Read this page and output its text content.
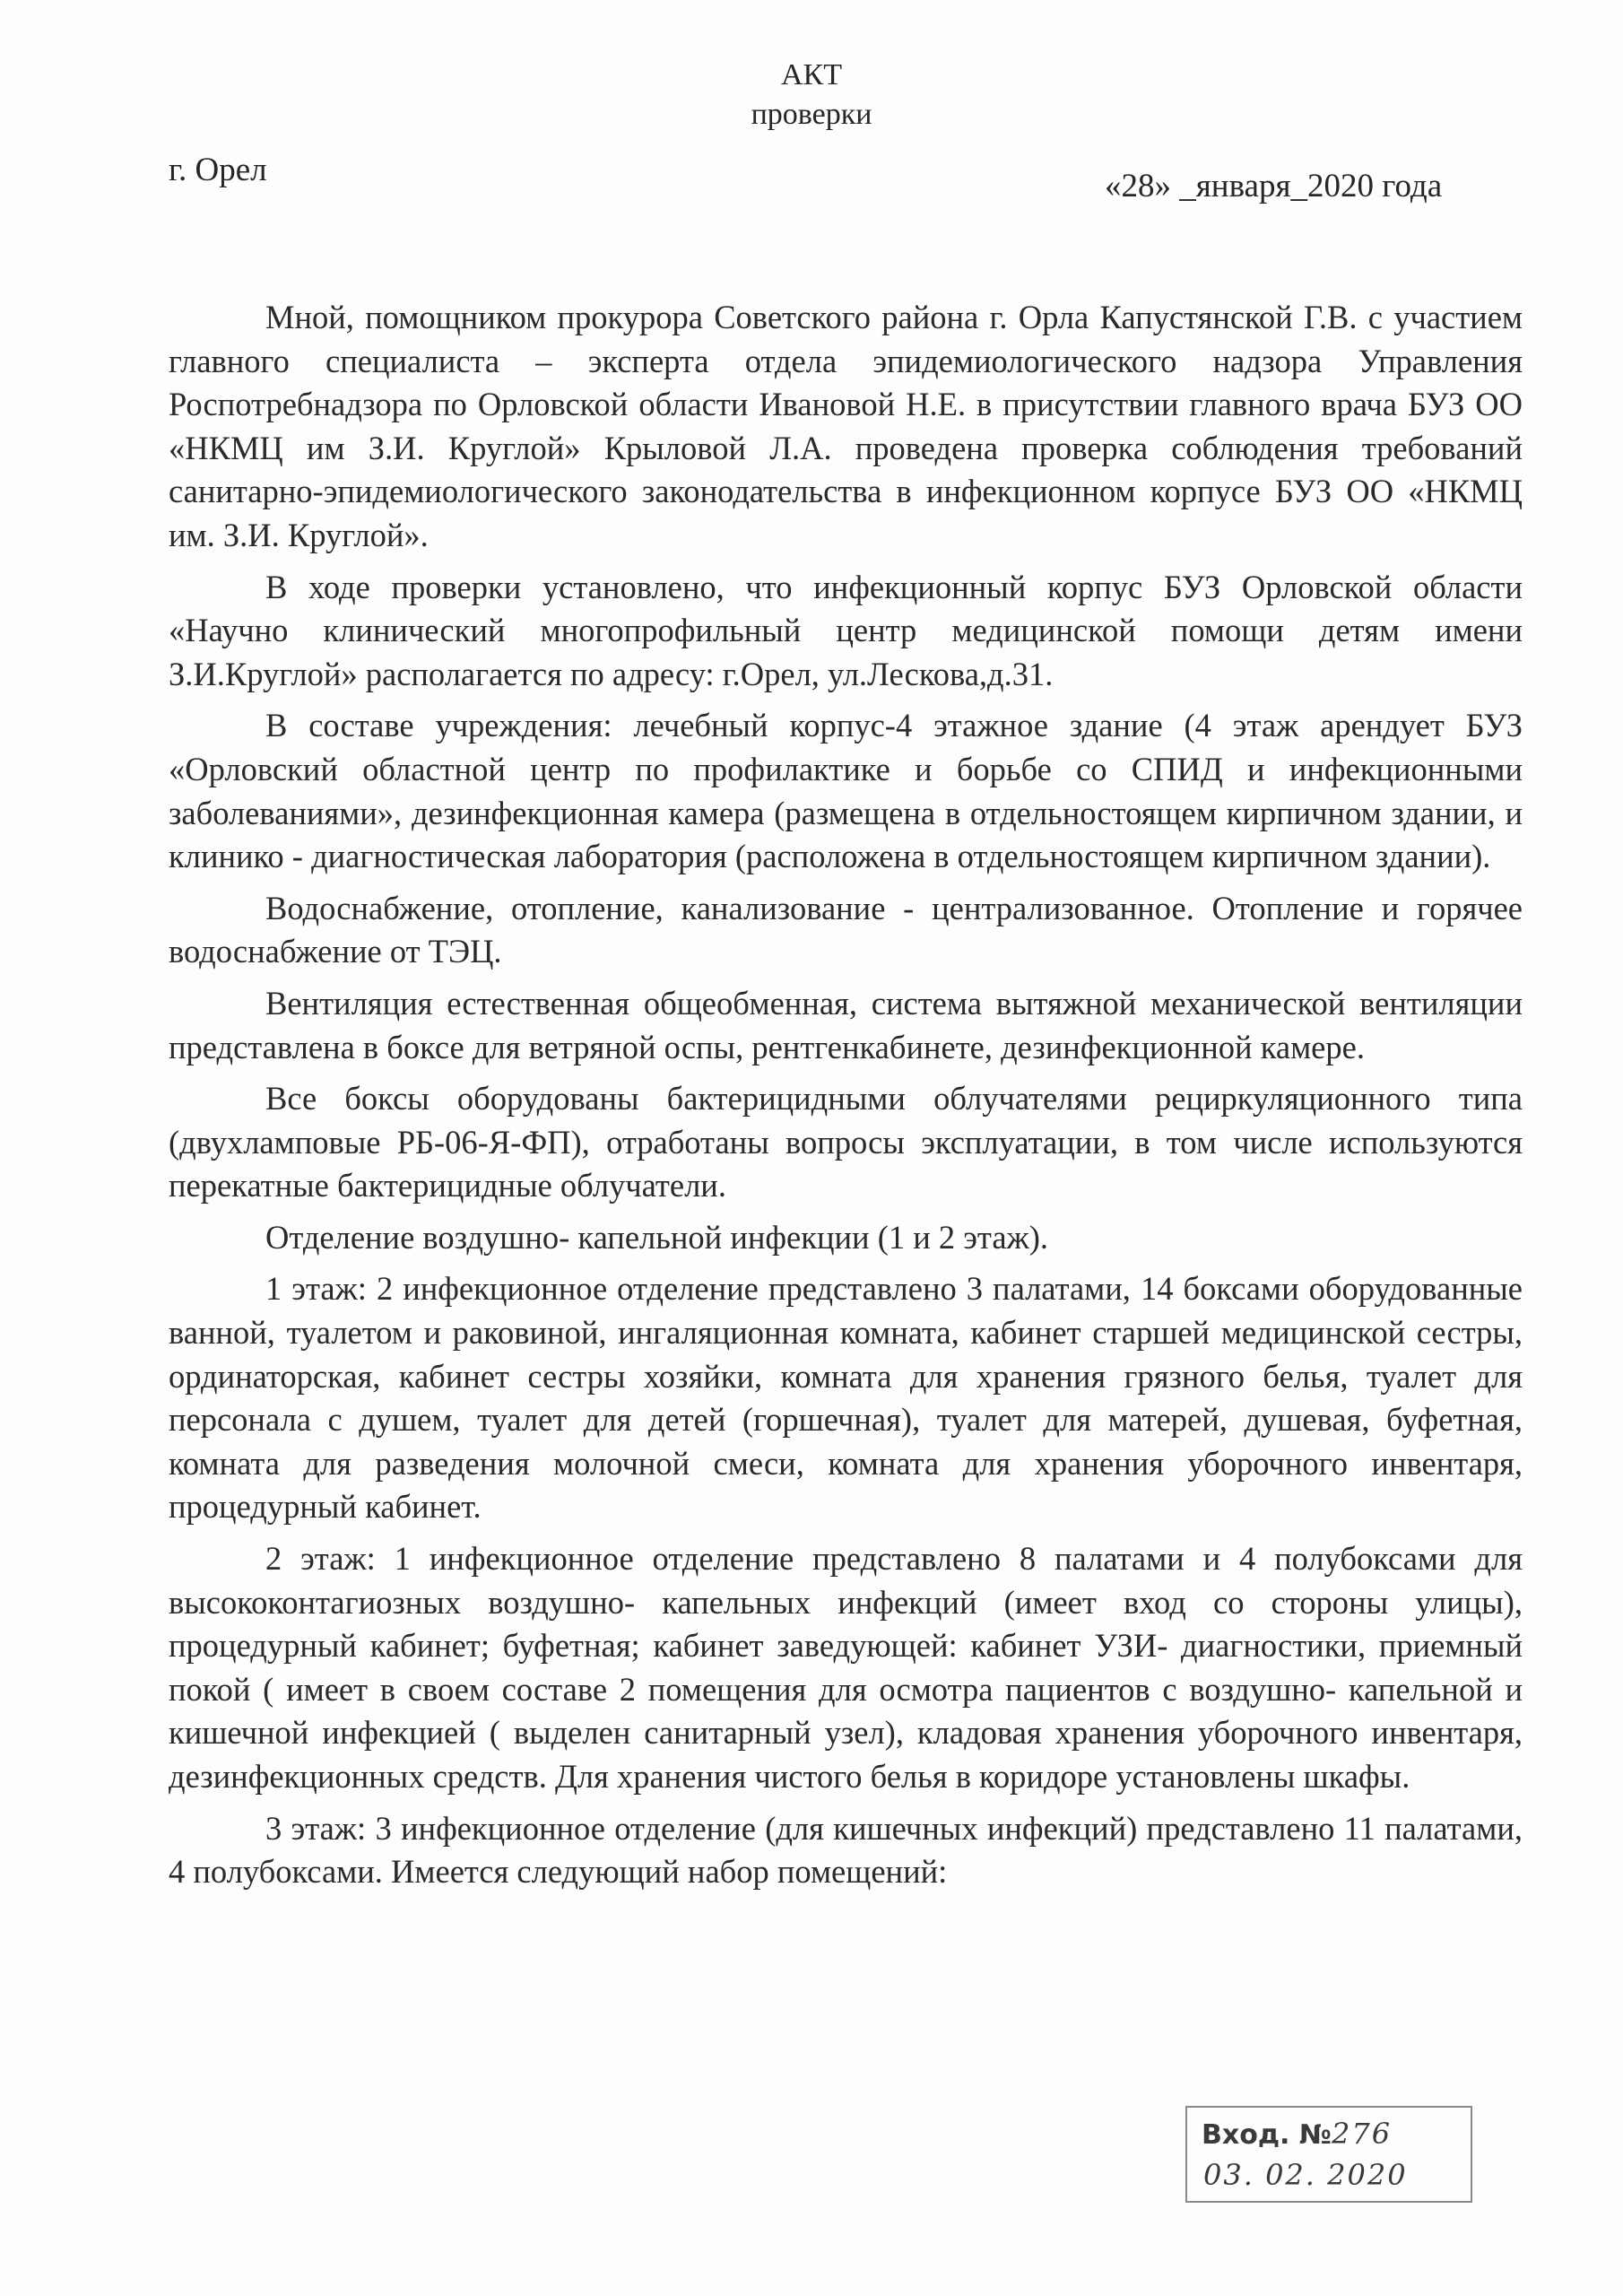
АКТ
проверки
г. Орел	«28» _января_2020 года

Мной, помощником прокурора Советского района г. Орла Капустянской Г.В. с участием главного специалиста – эксперта отдела эпидемиологического надзора Управления Роспотребнадзора по Орловской области Ивановой Н.Е. в присутствии главного врача БУЗ ОО «НКМЦ им З.И. Круглой» Крыловой Л.А. проведена проверка соблюдения требований санитарно-эпидемиологического законодательства в инфекционном корпусе БУЗ ОО «НКМЦ им. З.И. Круглой».

В ходе проверки установлено, что инфекционный корпус БУЗ Орловской области «Научно клинический многопрофильный центр медицинской помощи детям имени З.И.Круглой» располагается по адресу: г.Орел, ул.Лескова,д.31.

В составе учреждения: лечебный корпус-4 этажное здание (4 этаж арендует БУЗ «Орловский областной центр по профилактике и борьбе со СПИД и инфекционными заболеваниями», дезинфекционная камера (размещена в отдельностоящем кирпичном здании, и клинико - диагностическая лаборатория (расположена в отдельностоящем кирпичном здании).

Водоснабжение, отопление, канализование - централизованное. Отопление и горячее водоснабжение от ТЭЦ.

Вентиляция естественная общеобменная, система вытяжной механической вентиляции представлена в боксе для ветряной оспы, рентгенкабинете, дезинфекционной камере.

Все боксы оборудованы бактерицидными облучателями рециркуляционного типа (двухламповые РБ-06-Я-ФП), отработаны вопросы эксплуатации, в том числе используются перекатные бактерицидные облучатели.

Отделение воздушно- капельной инфекции (1 и 2 этаж).

1 этаж: 2 инфекционное отделение представлено 3 палатами, 14 боксами оборудованные ванной, туалетом и раковиной, ингаляционная комната, кабинет старшей медицинской сестры, ординаторская, кабинет сестры хозяйки, комната для хранения грязного белья, туалет для персонала с душем, туалет для детей (горшечная), туалет для матерей, душевая, буфетная, комната для разведения молочной смеси, комната для хранения уборочного инвентаря, процедурный кабинет.

2 этаж: 1 инфекционное отделение представлено 8 палатами и 4 полубоксами для высококонтагиозных воздушно- капельных инфекций (имеет вход со стороны улицы), процедурный кабинет; буфетная; кабинет заведующей: кабинет УЗИ- диагностики, приемный покой ( имеет в своем составе 2 помещения для осмотра пациентов с воздушно- капельной и кишечной инфекцией ( выделен санитарный узел), кладовая хранения уборочного инвентаря, дезинфекционных средств. Для хранения чистого белья в коридоре установлены шкафы.

3 этаж: 3 инфекционное отделение (для кишечных инфекций) представлено 11 палатами, 4 полубоксами. Имеется следующий набор помещений:

Вход. №276
03. 02. 2020
